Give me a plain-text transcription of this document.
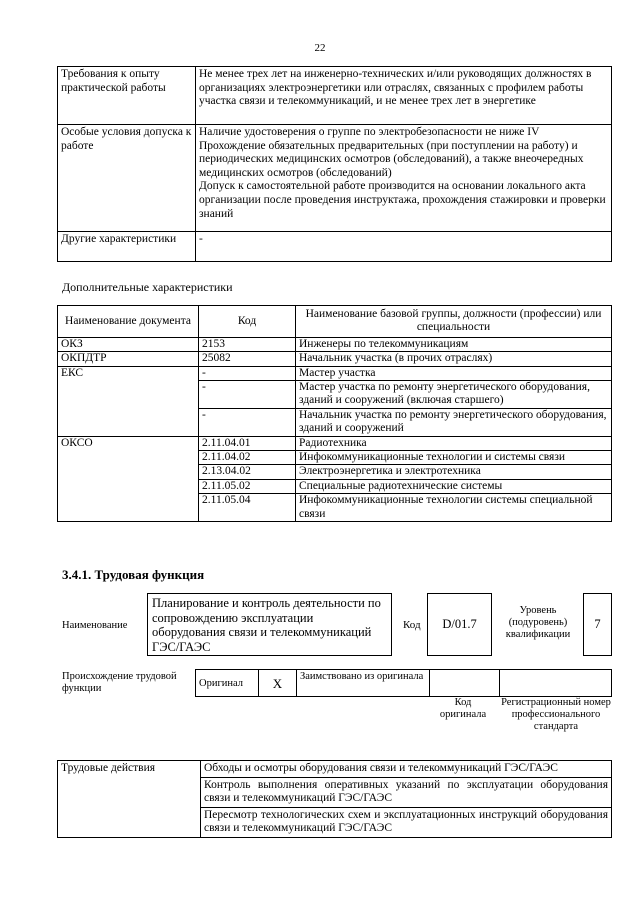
22
Требования к опыту практической работы	Не менее трех лет на инженерно-технических и/или руководящих должностях в организациях электроэнергетики или отраслях, связанных с профилем работы участка связи и телекоммуникаций, и не менее трех лет в энергетике

Особые условия допуска к работе	Наличие удостоверения о группе по электробезопасности не ниже IV
Прохождение обязательных предварительных (при поступлении на работу) и периодических медицинских осмотров (обследований), а также внеочередных медицинских осмотров (обследований)
Допуск к самостоятельной работе производится на основании локального акта организации после проведения инструктажа, прохождения стажировки и проверки знаний

Другие характеристики	-
Дополнительные характеристики
Наименование документа	Код	Наименование базовой группы, должности (профессии) или специальности
ОКЗ	2153	Инженеры по телекоммуникациям
ОКПДТР	25082	Начальник участка (в прочих отраслях)
ЕКС	-	Мастер участка
	-	Мастер участка по ремонту энергетического оборудования, зданий и сооружений (включая старшего)
	-	Начальник участка по ремонту энергетического оборудования, зданий и сооружений
ОКСО	2.11.04.01	Радиотехника
	2.11.04.02	Инфокоммуникационные технологии и системы связи
	2.13.04.02	Электроэнергетика и электротехника
	2.11.05.02	Специальные радиотехнические системы
	2.11.05.04	Инфокоммуникационные технологии системы специальной связи
3.4.1. Трудовая функция
Наименование
Планирование и контроль деятельности по сопровождению эксплуатации оборудования связи и телекоммуникаций ГЭС/ГАЭС
Код	D/01.7
Уровень (подуровень) квалификации
7
Происхождение трудовой функции	Оригинал	X	Заимствовано из оригинала		
Код оригинала
Регистрационный номер профессионального стандарта
Трудовые действия	Обходы и осмотры оборудования связи и телекоммуникаций ГЭС/ГАЭС
Контроль выполнения оперативных указаний по эксплуатации оборудования связи и телекоммуникаций ГЭС/ГАЭС
Пересмотр технологических схем и эксплуатационных инструкций оборудования связи и телекоммуникаций ГЭС/ГАЭС
